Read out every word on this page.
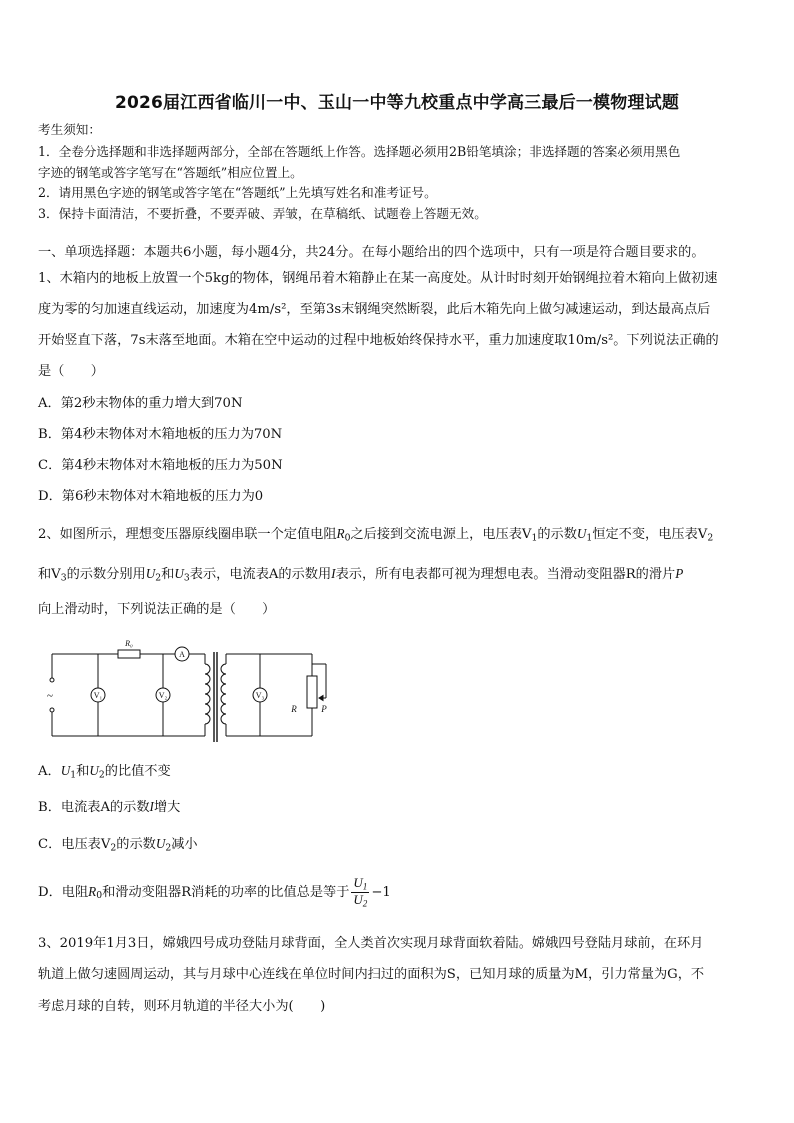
2026届江西省临川一中、玉山一中等九校重点中学高三最后一模物理试题
考生须知：
1．全卷分选择题和非选择题两部分，全部在答题纸上作答。选择题必须用2B铅笔填涂；非选择题的答案必须用黑色
字迹的钢笔或答字笔写在“答题纸”相应位置上。
2．请用黑色字迹的钢笔或答字笔在“答题纸”上先填写姓名和准考证号。
3．保持卡面清洁，不要折叠，不要弄破、弄皱，在草稿纸、试题卷上答题无效。
一、单项选择题：本题共6小题，每小题4分，共24分。在每小题给出的四个选项中，只有一项是符合题目要求的。
1、木箱内的地板上放置一个5kg的物体，钢绳吊着木箱静止在某一高度处。从计时时刻开始钢绳拉着木箱向上做初速
度为零的匀加速直线运动，加速度为4m/s²，至第3s末钢绳突然断裂，此后木箱先向上做匀减速运动，到达最高点后
开始竖直下落，7s末落至地面。木箱在空中运动的过程中地板始终保持水平，重力加速度取10m/s²。下列说法正确的
是（　　）
A．第2秒末物体的重力增大到70N
B．第4秒末物体对木箱地板的压力为70N
C．第4秒末物体对木箱地板的压力为50N
D．第6秒末物体对木箱地板的压力为0
2、如图所示，理想变压器原线圈串联一个定值电阻$R_0$之后接到交流电源上，电压表$V_1$的示数$U_1$恒定不变，电压表$V_2$
和$V_3$的示数分别用$U_2$和$U_3$表示，电流表A的示数用I表示，所有电表都可视为理想电表。当滑动变阻器R的滑片P
向上滑动时，下列说法正确的是（　　）
R₀
A
V₁	V₂	V₃
R	P
~
A．$U_1$和$U_2$的比值不变
B．电流表A的示数I增大
C．电压表$V_2$的示数$U_2$减小
D．电阻$R_0$和滑动变阻器R消耗的功率的比值总是等于 $\frac{U_1}{U_2} -1$
3、2019年1月3日，嫦娥四号成功登陆月球背面，全人类首次实现月球背面软着陆。嫦娥四号登陆月球前，在环月
轨道上做匀速圆周运动，其与月球中心连线在单位时间内扫过的面积为S，已知月球的质量为M，引力常量为G，不
考虑月球的自转，则环月轨道的半径大小为(　　)
